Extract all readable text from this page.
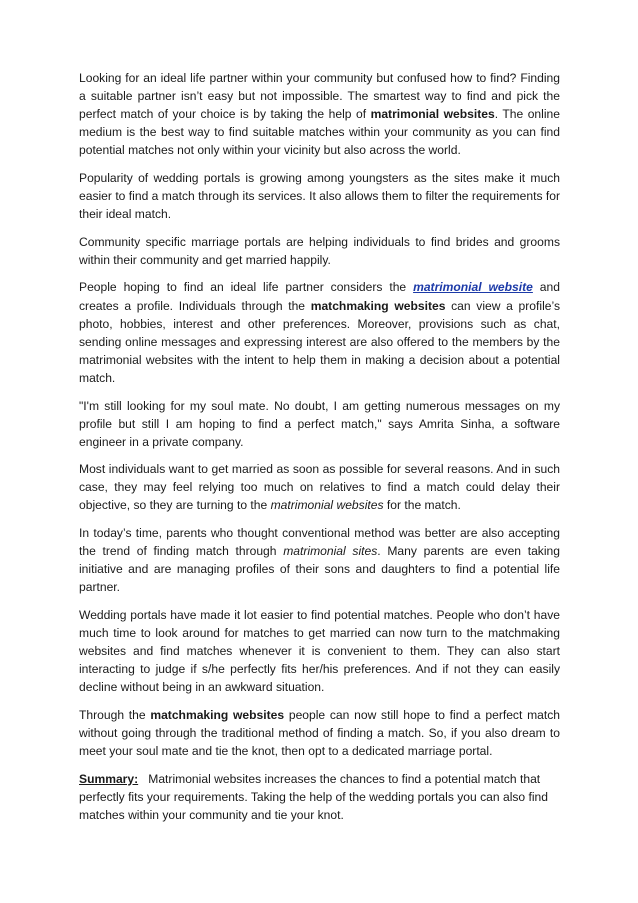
Looking for an ideal life partner within your community but confused how to find? Finding a suitable partner isn’t easy but not impossible. The smartest way to find and pick the perfect match of your choice is by taking the help of matrimonial websites. The online medium is the best way to find suitable matches within your community as you can find potential matches not only within your vicinity but also across the world.

Popularity of wedding portals is growing among youngsters as the sites make it much easier to find a match through its services. It also allows them to filter the requirements for their ideal match.

Community specific marriage portals are helping individuals to find brides and grooms within their community and get married happily.

People hoping to find an ideal life partner considers the matrimonial website and creates a profile. Individuals through the matchmaking websites can view a profile’s photo, hobbies, interest and other preferences. Moreover, provisions such as chat, sending online messages and expressing interest are also offered to the members by the matrimonial websites with the intent to help them in making a decision about a potential match.

"I'm still looking for my soul mate. No doubt, I am getting numerous messages on my profile but still I am hoping to find a perfect match," says Amrita Sinha, a software engineer in a private company.

Most individuals want to get married as soon as possible for several reasons. And in such case, they may feel relying too much on relatives to find a match could delay their objective, so they are turning to the matrimonial websites for the match.

In today’s time, parents who thought conventional method was better are also accepting the trend of finding match through matrimonial sites. Many parents are even taking initiative and are managing profiles of their sons and daughters to find a potential life partner.

Wedding portals have made it lot easier to find potential matches. People who don’t have much time to look around for matches to get married can now turn to the matchmaking websites and find matches whenever it is convenient to them. They can also start interacting to judge if s/he perfectly fits her/his preferences. And if not they can easily decline without being in an awkward situation.

Through the matchmaking websites people can now still hope to find a perfect match without going through the traditional method of finding a match. So, if you also dream to meet your soul mate and tie the knot, then opt to a dedicated marriage portal.

Summary: Matrimonial websites increases the chances to find a potential match that perfectly fits your requirements. Taking the help of the wedding portals you can also find matches within your community and tie your knot.
